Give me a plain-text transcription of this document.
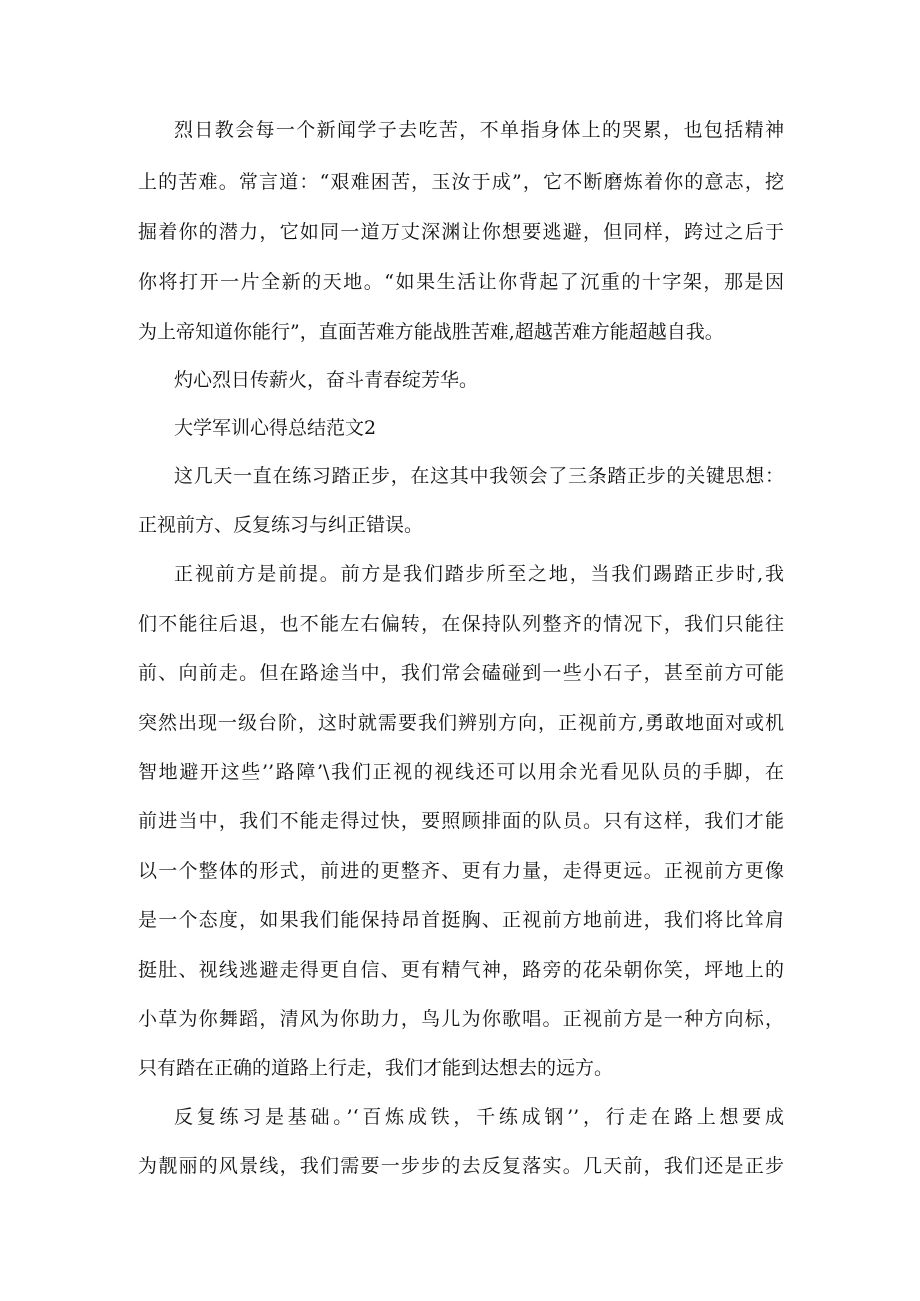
烈日教会每一个新闻学子去吃苦，不单指身体上的哭累，也包括精神
上的苦难。常言道：“艰难困苦，玉汝于成”，它不断磨炼着你的意志，挖
掘着你的潜力，它如同一道万丈深渊让你想要逃避，但同样，跨过之后于
你将打开一片全新的天地。“如果生活让你背起了沉重的十字架，那是因
为上帝知道你能行”，直面苦难方能战胜苦难,超越苦难方能超越自我。
灼心烈日传薪火，奋斗青春绽芳华。
大学军训心得总结范文2
这几天一直在练习踏正步，在这其中我领会了三条踏正步的关键思想：
正视前方、反复练习与纠正错误。
正视前方是前提。前方是我们踏步所至之地，当我们踢踏正步时,我
们不能往后退，也不能左右偏转，在保持队列整齐的情况下，我们只能往
前、向前走。但在路途当中，我们常会磕碰到一些小石子，甚至前方可能
突然出现一级台阶，这时就需要我们辨别方向，正视前方,勇敢地面对或机
智地避开这些’’路障’\我们正视的视线还可以用余光看见队员的手脚，在
前进当中，我们不能走得过快，要照顾排面的队员。只有这样，我们才能
以一个整体的形式，前进的更整齐、更有力量，走得更远。正视前方更像
是一个态度，如果我们能保持昂首挺胸、正视前方地前进，我们将比耸肩
挺肚、视线逃避走得更自信、更有精气神，路旁的花朵朝你笑，坪地上的
小草为你舞蹈，清风为你助力，鸟儿为你歌唱。正视前方是一种方向标，
只有踏在正确的道路上行走，我们才能到达想去的远方。
反复练习是基础。’‘百炼成铁，千练成钢’’，行走在路上想要成
为靓丽的风景线，我们需要一步步的去反复落实。几天前，我们还是正步
